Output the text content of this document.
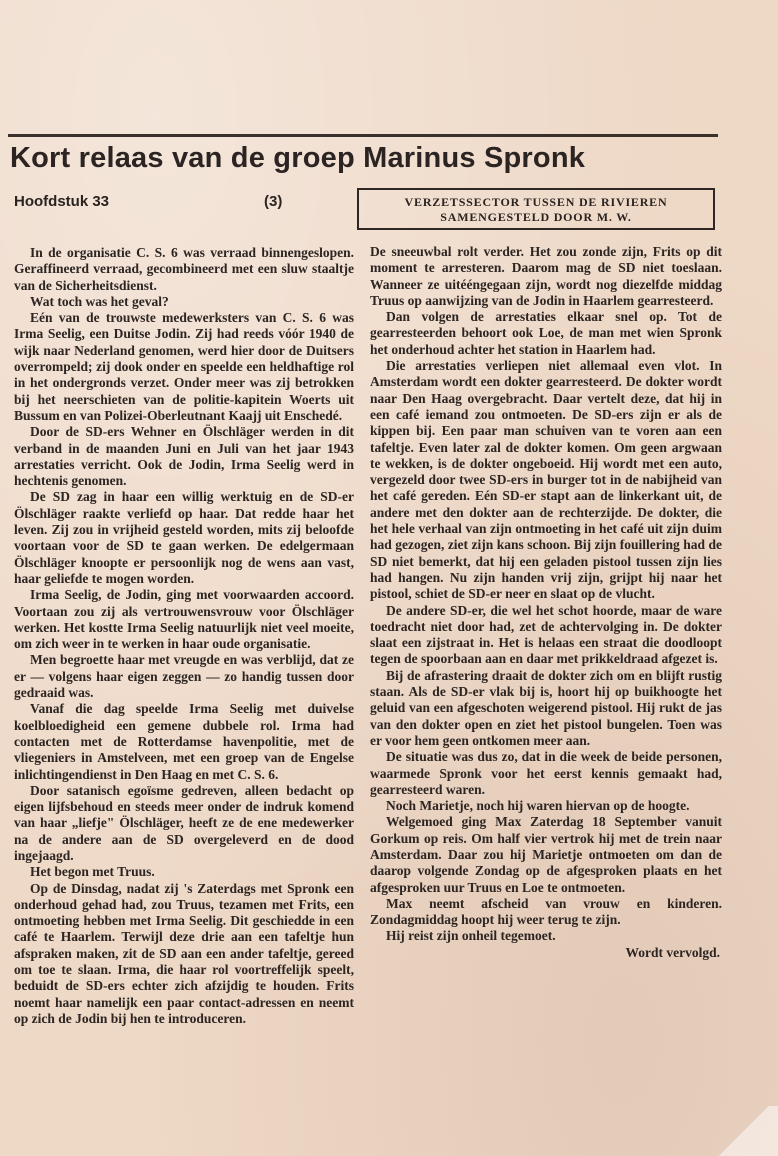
Kort relaas van de groep Marinus Spronk
Hoofdstuk 33	(3)	VERZETSSECTOR TUSSEN DE RIVIEREN
SAMENGESTELD DOOR M. W.

In de organisatie C. S. 6 was verraad binnengeslopen. Geraffineerd verraad, gecombineerd met een sluw staaltje van de Sicherheitsdienst.

Wat toch was het geval?

Eén van de trouwste medewerksters van C. S. 6 was Irma Seelig, een Duitse Jodin. Zij had reeds vóór 1940 de wijk naar Nederland genomen, werd hier door de Duitsers overrompeld; zij dook onder en speelde een heldhaftige rol in het ondergronds verzet. Onder meer was zij betrokken bij het neerschieten van de politie-kapitein Woerts uit Bussum en van Polizei-Oberleutnant Kaajj uit Enschedé.

Door de SD-ers Wehner en Ölschläger werden in dit verband in de maanden Juni en Juli van het jaar 1943 arrestaties verricht. Ook de Jodin, Irma Seelig werd in hechtenis genomen.

De SD zag in haar een willig werktuig en de SD-er Ölschläger raakte verliefd op haar. Dat redde haar het leven. Zij zou in vrijheid gesteld worden, mits zij beloofde voortaan voor de SD te gaan werken. De edelgermaan Ölschläger knoopte er persoonlijk nog de wens aan vast, haar geliefde te mogen worden.

Irma Seelig, de Jodin, ging met voorwaarden accoord. Voortaan zou zij als vertrouwensvrouw voor Ölschläger werken. Het kostte Irma Seelig natuurlijk niet veel moeite, om zich weer in te werken in haar oude organisatie.

Men begroette haar met vreugde en was verblijd, dat ze er — volgens haar eigen zeggen — zo handig tussen door gedraaid was.

Vanaf die dag speelde Irma Seelig met duivelse koelbloedigheid een gemene dubbele rol. Irma had contacten met de Rotterdamse havenpolitie, met de vliegeniers in Amstelveen, met een groep van de Engelse inlichtingendienst in Den Haag en met C. S. 6.

Door satanisch egoïsme gedreven, alleen bedacht op eigen lijfsbehoud en steeds meer onder de indruk komend van haar „liefje" Ölschläger, heeft ze de ene medewerker na de andere aan de SD overgeleverd en de dood ingejaagd.

Het begon met Truus.

Op de Dinsdag, nadat zij 's Zaterdags met Spronk een onderhoud gehad had, zou Truus, tezamen met Frits, een ontmoeting hebben met Irma Seelig. Dit geschiedde in een café te Haarlem. Terwijl deze drie aan een tafeltje hun afspraken maken, zit de SD aan een ander tafeltje, gereed om toe te slaan. Irma, die haar rol voortreffelijk speelt, beduidt de SD-ers echter zich afzijdig te houden. Frits noemt haar namelijk een paar contact-adressen en neemt op zich de Jodin bij hen te introduceren.

De sneeuwbal rolt verder. Het zou zonde zijn, Frits op dit moment te arresteren. Daarom mag de SD niet toeslaan. Wanneer ze uitééngegaan zijn, wordt nog diezelfde middag Truus op aanwijzing van de Jodin in Haarlem gearresteerd.

Dan volgen de arrestaties elkaar snel op. Tot de gearresteerden behoort ook Loe, de man met wien Spronk het onderhoud achter het station in Haarlem had.

Die arrestaties verliepen niet allemaal even vlot. In Amsterdam wordt een dokter gearresteerd. De dokter wordt naar Den Haag overgebracht. Daar vertelt deze, dat hij in een café iemand zou ontmoeten. De SD-ers zijn er als de kippen bij. Een paar man schuiven van te voren aan een tafeltje. Even later zal de dokter komen. Om geen argwaan te wekken, is de dokter ongeboeid. Hij wordt met een auto, vergezeld door twee SD-ers in burger tot in de nabijheid van het café gereden. Eén SD-er stapt aan de linkerkant uit, de andere met den dokter aan de rechterzijde. De dokter, die het hele verhaal van zijn ontmoeting in het café uit zijn duim had gezogen, ziet zijn kans schoon. Bij zijn fouillering had de SD niet bemerkt, dat hij een geladen pistool tussen zijn lies had hangen. Nu zijn handen vrij zijn, grijpt hij naar het pistool, schiet de SD-er neer en slaat op de vlucht.

De andere SD-er, die wel het schot hoorde, maar de ware toedracht niet door had, zet de achtervolging in. De dokter slaat een zijstraat in. Het is helaas een straat die doodloopt tegen de spoorbaan aan en daar met prikkeldraad afgezet is.

Bij de afrastering draait de dokter zich om en blijft rustig staan. Als de SD-er vlak bij is, hoort hij op buikhoogte het geluid van een afgeschoten weigerend pistool. Hij rukt de jas van den dokter open en ziet het pistool bungelen. Toen was er voor hem geen ontkomen meer aan.

De situatie was dus zo, dat in die week de beide personen, waarmede Spronk voor het eerst kennis gemaakt had, gearresteerd waren.

Noch Marietje, noch hij waren hiervan op de hoogte.

Welgemoed ging Max Zaterdag 18 September vanuit Gorkum op reis. Om half vier vertrok hij met de trein naar Amsterdam. Daar zou hij Marietje ontmoeten om dan de daarop volgende Zondag op de afgesproken plaats en het afgesproken uur Truus en Loe te ontmoeten.

Max neemt afscheid van vrouw en kinderen. Zondagmiddag hoopt hij weer terug te zijn.

Hij reist zijn onheil tegemoet.

Wordt vervolgd.
